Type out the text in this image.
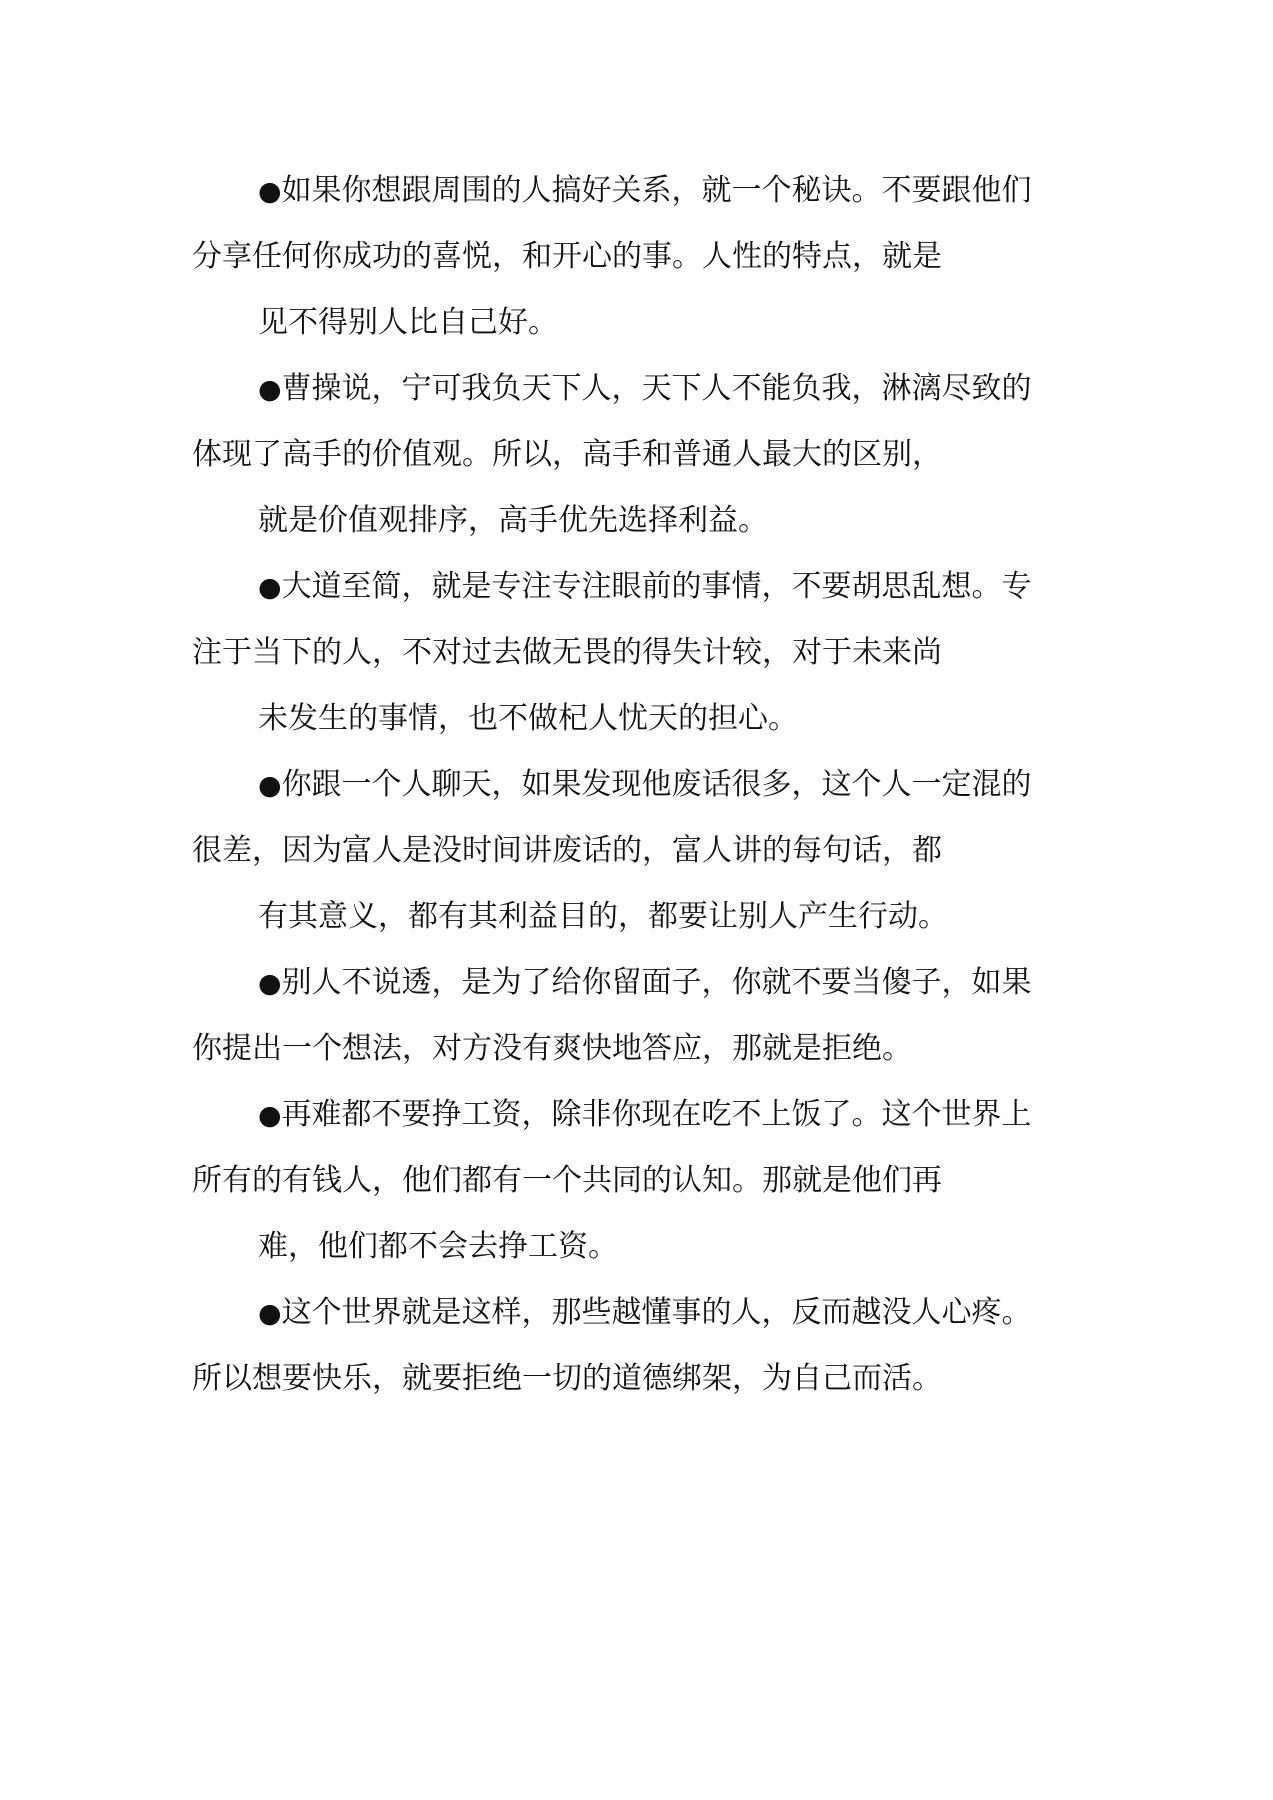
●如果你想跟周围的人搞好关系，就一个秘诀。不要跟他们
分享任何你成功的喜悦，和开心的事。人性的特点，就是
见不得别人比自己好。
●曹操说，宁可我负天下人，天下人不能负我，淋漓尽致的
体现了高手的价值观。所以，高手和普通人最大的区别，
就是价值观排序，高手优先选择利益。
●大道至简，就是专注专注眼前的事情，不要胡思乱想。专
注于当下的人，不对过去做无畏的得失计较，对于未来尚
未发生的事情，也不做杞人忧天的担心。
●你跟一个人聊天，如果发现他废话很多，这个人一定混的
很差，因为富人是没时间讲废话的，富人讲的每句话，都
有其意义，都有其利益目的，都要让别人产生行动。
●别人不说透，是为了给你留面子，你就不要当傻子，如果
你提出一个想法，对方没有爽快地答应，那就是拒绝。
●再难都不要挣工资，除非你现在吃不上饭了。这个世界上
所有的有钱人，他们都有一个共同的认知。那就是他们再
难，他们都不会去挣工资。
●这个世界就是这样，那些越懂事的人，反而越没人心疼。
所以想要快乐，就要拒绝一切的道德绑架，为自己而活。
